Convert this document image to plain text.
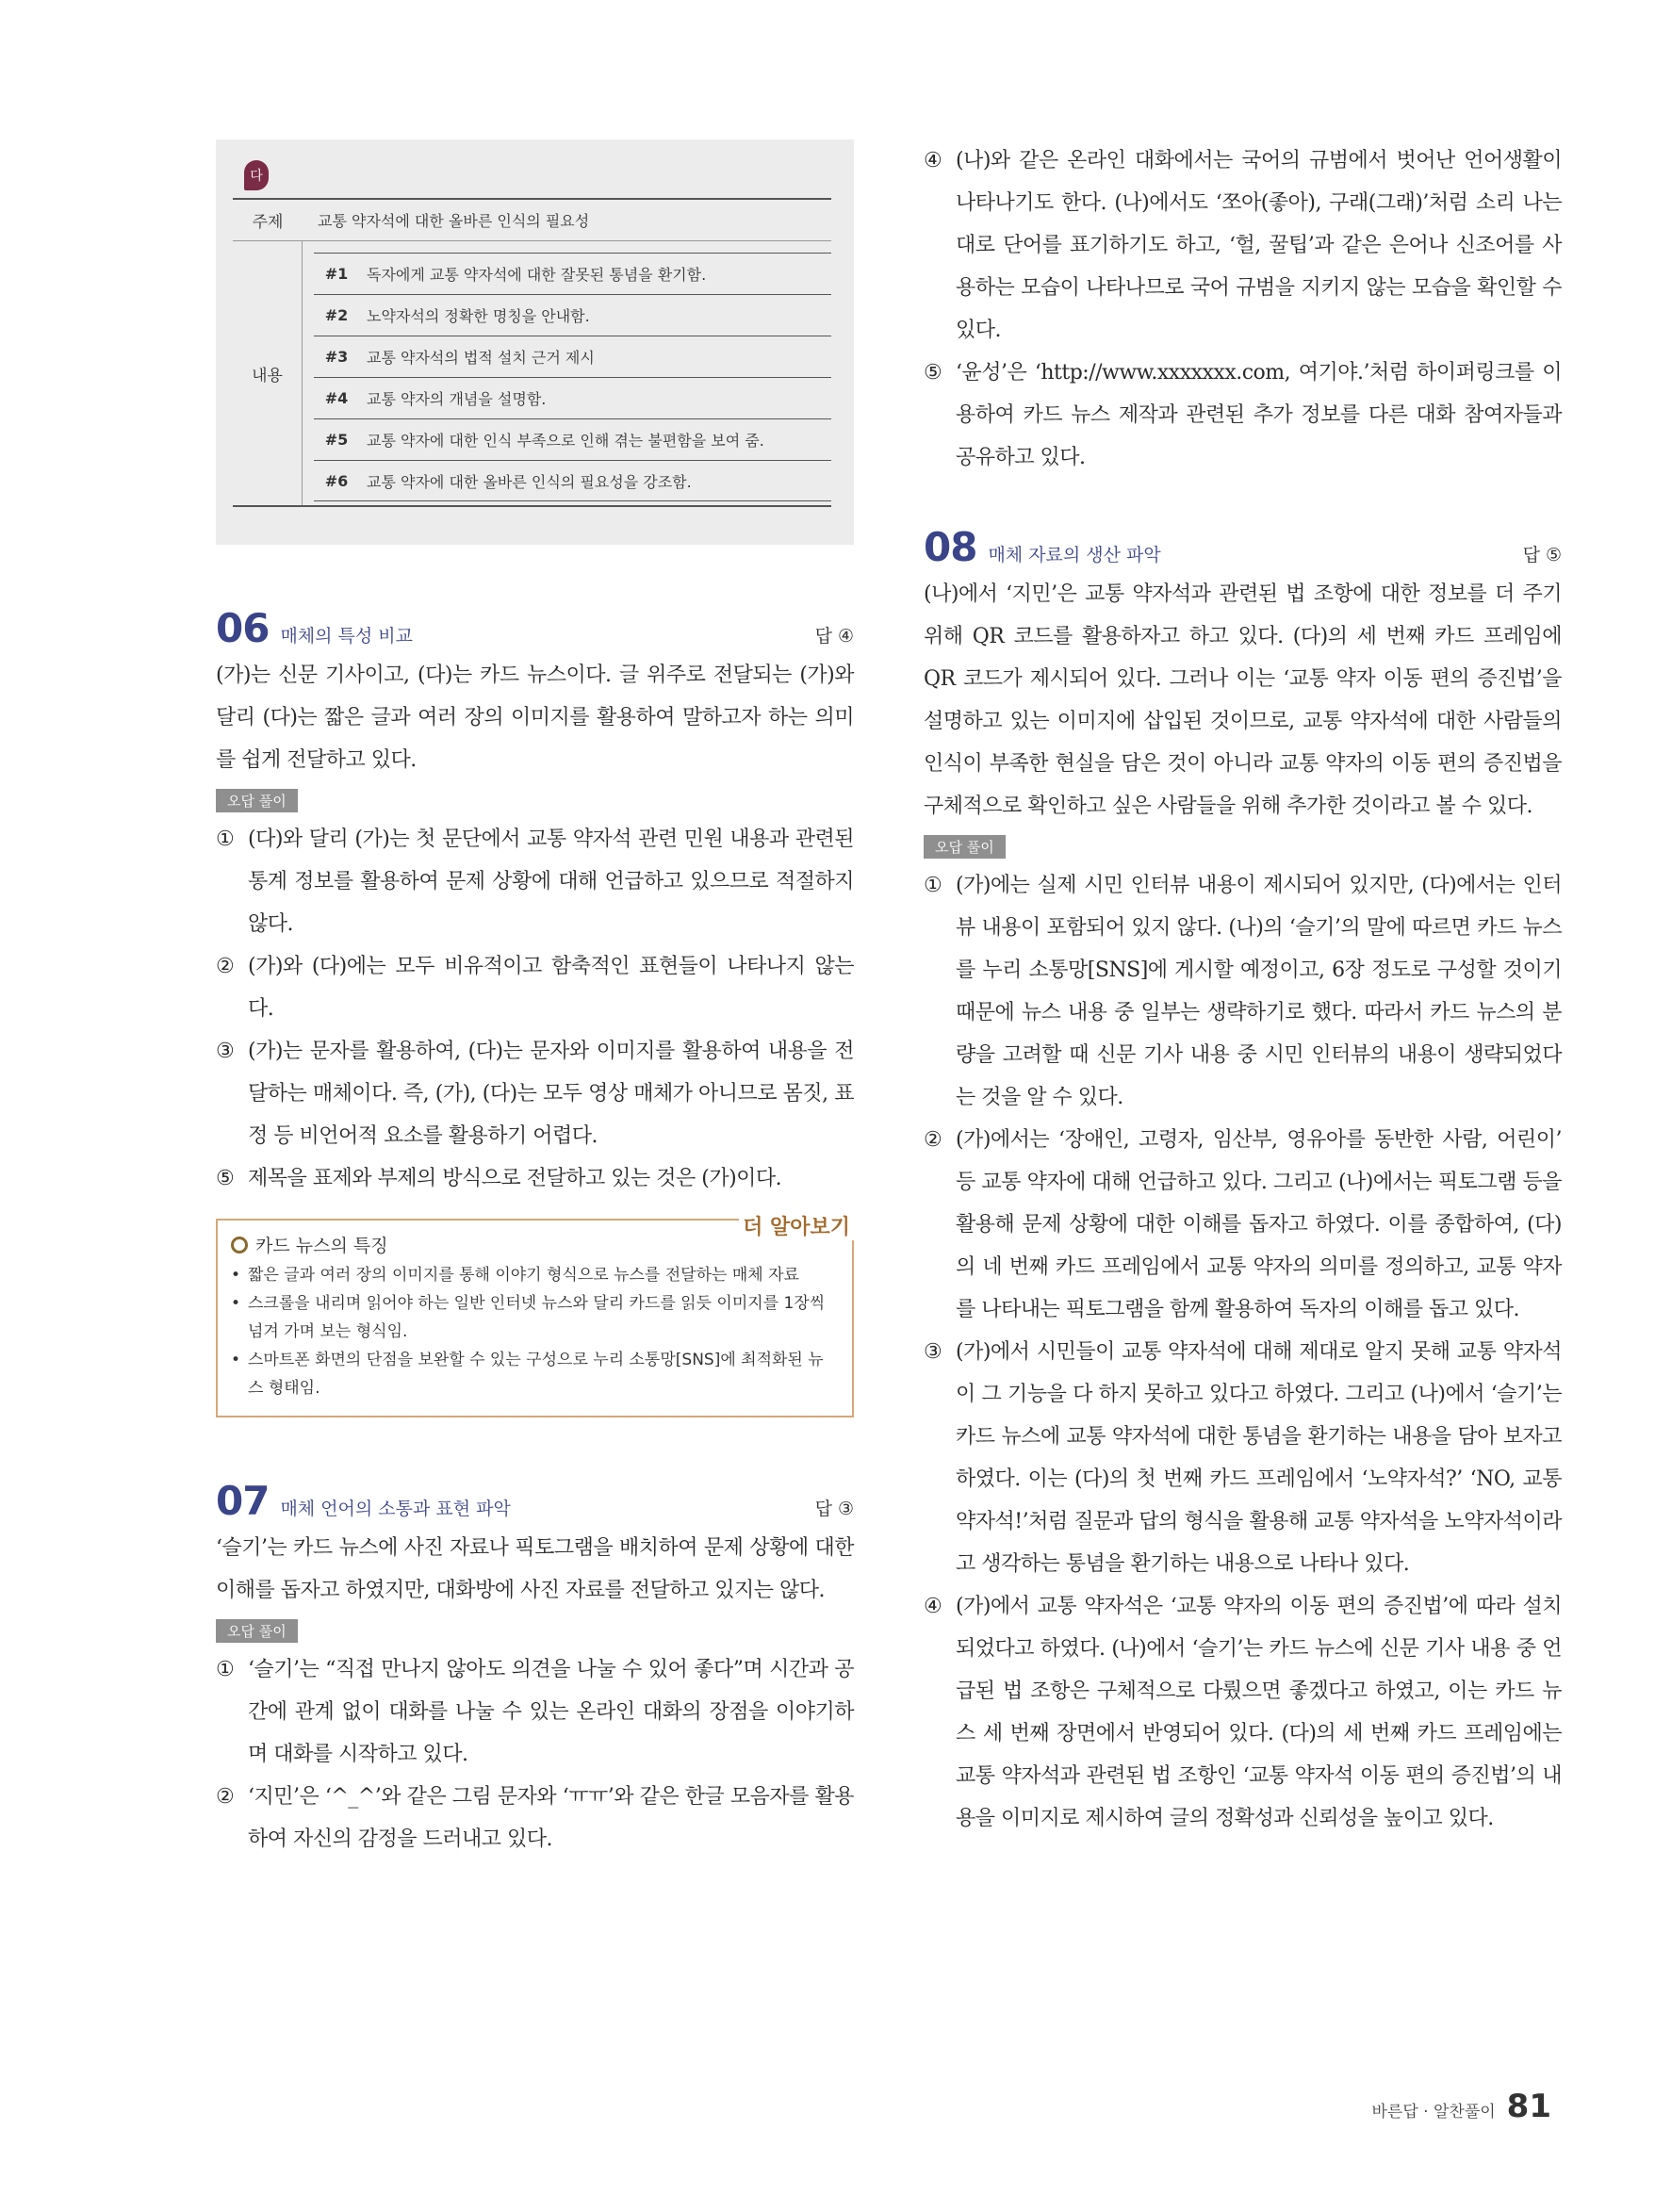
다
주제	교통 약자석에 대한 올바른 인식의 필요성
내용
#1	독자에게 교통 약자석에 대한 잘못된 통념을 환기함.
#2	노약자석의 정확한 명칭을 안내함.
#3	교통 약자석의 법적 설치 근거 제시
#4	교통 약자의 개념을 설명함.
#5	교통 약자에 대한 인식 부족으로 인해 겪는 불편함을 보여 줌.
#6	교통 약자에 대한 올바른 인식의 필요성을 강조함.
06 매체의 특성 비교	답 ④

(가)는 신문 기사이고, (다)는 카드 뉴스이다. 글 위주로 전달되는 (가)와 달리 (다)는 짧은 글과 여러 장의 이미지를 활용하여 말하고자 하는 의미를 쉽게 전달하고 있다.

오답 풀이
① (다)와 달리 (가)는 첫 문단에서 교통 약자석 관련 민원 내용과 관련된 통계 정보를 활용하여 문제 상황에 대해 언급하고 있으므로 적절하지 않다.
② (가)와 (다)에는 모두 비유적이고 함축적인 표현들이 나타나지 않는다.
③ (가)는 문자를 활용하여, (다)는 문자와 이미지를 활용하여 내용을 전달하는 매체이다. 즉, (가), (다)는 모두 영상 매체가 아니므로 몸짓, 표정 등 비언어적 요소를 활용하기 어렵다.
⑤ 제목을 표제와 부제의 방식으로 전달하고 있는 것은 (가)이다.
더 알아보기
카드 뉴스의 특징
• 짧은 글과 여러 장의 이미지를 통해 이야기 형식으로 뉴스를 전달하는 매체 자료
• 스크롤을 내리며 읽어야 하는 일반 인터넷 뉴스와 달리 카드를 읽듯 이미지를 1장씩 넘겨 가며 보는 형식임.
• 스마트폰 화면의 단점을 보완할 수 있는 구성으로 누리 소통망[SNS]에 최적화된 뉴스 형태임.
07 매체 언어의 소통과 표현 파악	답 ③

‘슬기’는 카드 뉴스에 사진 자료나 픽토그램을 배치하여 문제 상황에 대한 이해를 돕자고 하였지만, 대화방에 사진 자료를 전달하고 있지는 않다.

오답 풀이
① ‘슬기’는 “직접 만나지 않아도 의견을 나눌 수 있어 좋다”며 시간과 공간에 관계 없이 대화를 나눌 수 있는 온라인 대화의 장점을 이야기하며 대화를 시작하고 있다.
② ‘지민’은 ‘^_^’와 같은 그림 문자와 ‘ㅠㅠ’와 같은 한글 모음자를 활용하여 자신의 감정을 드러내고 있다.
④ (나)와 같은 온라인 대화에서는 국어의 규범에서 벗어난 언어생활이 나타나기도 한다. (나)에서도 ‘쪼아(좋아), 구래(그래)’처럼 소리 나는 대로 단어를 표기하기도 하고, ‘헐, 꿀팁’과 같은 은어나 신조어를 사용하는 모습이 나타나므로 국어 규범을 지키지 않는 모습을 확인할 수 있다.
⑤ ‘윤성’은 ‘http://www.xxxxxxx.com, 여기야.’처럼 하이퍼링크를 이용하여 카드 뉴스 제작과 관련된 추가 정보를 다른 대화 참여자들과 공유하고 있다.
08 매체 자료의 생산 파악	답 ⑤

(나)에서 ‘지민’은 교통 약자석과 관련된 법 조항에 대한 정보를 더 주기 위해 QR 코드를 활용하자고 하고 있다. (다)의 세 번째 카드 프레임에 QR 코드가 제시되어 있다. 그러나 이는 ‘교통 약자 이동 편의 증진법’을 설명하고 있는 이미지에 삽입된 것이므로, 교통 약자석에 대한 사람들의 인식이 부족한 현실을 담은 것이 아니라 교통 약자의 이동 편의 증진법을 구체적으로 확인하고 싶은 사람들을 위해 추가한 것이라고 볼 수 있다.

오답 풀이
① (가)에는 실제 시민 인터뷰 내용이 제시되어 있지만, (다)에서는 인터뷰 내용이 포함되어 있지 않다. (나)의 ‘슬기’의 말에 따르면 카드 뉴스를 누리 소통망[SNS]에 게시할 예정이고, 6장 정도로 구성할 것이기 때문에 뉴스 내용 중 일부는 생략하기로 했다. 따라서 카드 뉴스의 분량을 고려할 때 신문 기사 내용 중 시민 인터뷰의 내용이 생략되었다는 것을 알 수 있다.
② (가)에서는 ‘장애인, 고령자, 임산부, 영유아를 동반한 사람, 어린이’ 등 교통 약자에 대해 언급하고 있다. 그리고 (나)에서는 픽토그램 등을 활용해 문제 상황에 대한 이해를 돕자고 하였다. 이를 종합하여, (다)의 네 번째 카드 프레임에서 교통 약자의 의미를 정의하고, 교통 약자를 나타내는 픽토그램을 함께 활용하여 독자의 이해를 돕고 있다.
③ (가)에서 시민들이 교통 약자석에 대해 제대로 알지 못해 교통 약자석이 그 기능을 다 하지 못하고 있다고 하였다. 그리고 (나)에서 ‘슬기’는 카드 뉴스에 교통 약자석에 대한 통념을 환기하는 내용을 담아 보자고 하였다. 이는 (다)의 첫 번째 카드 프레임에서 ‘노약자석?’ ‘NO, 교통 약자석!’처럼 질문과 답의 형식을 활용해 교통 약자석을 노약자석이라고 생각하는 통념을 환기하는 내용으로 나타나 있다.
④ (가)에서 교통 약자석은 ‘교통 약자의 이동 편의 증진법’에 따라 설치되었다고 하였다. (나)에서 ‘슬기’는 카드 뉴스에 신문 기사 내용 중 언급된 법 조항은 구체적으로 다뤘으면 좋겠다고 하였고, 이는 카드 뉴스 세 번째 장면에서 반영되어 있다. (다)의 세 번째 카드 프레임에는 교통 약자석과 관련된 법 조항인 ‘교통 약자석 이동 편의 증진법’의 내용을 이미지로 제시하여 글의 정확성과 신뢰성을 높이고 있다.
바른답 · 알찬풀이 81
